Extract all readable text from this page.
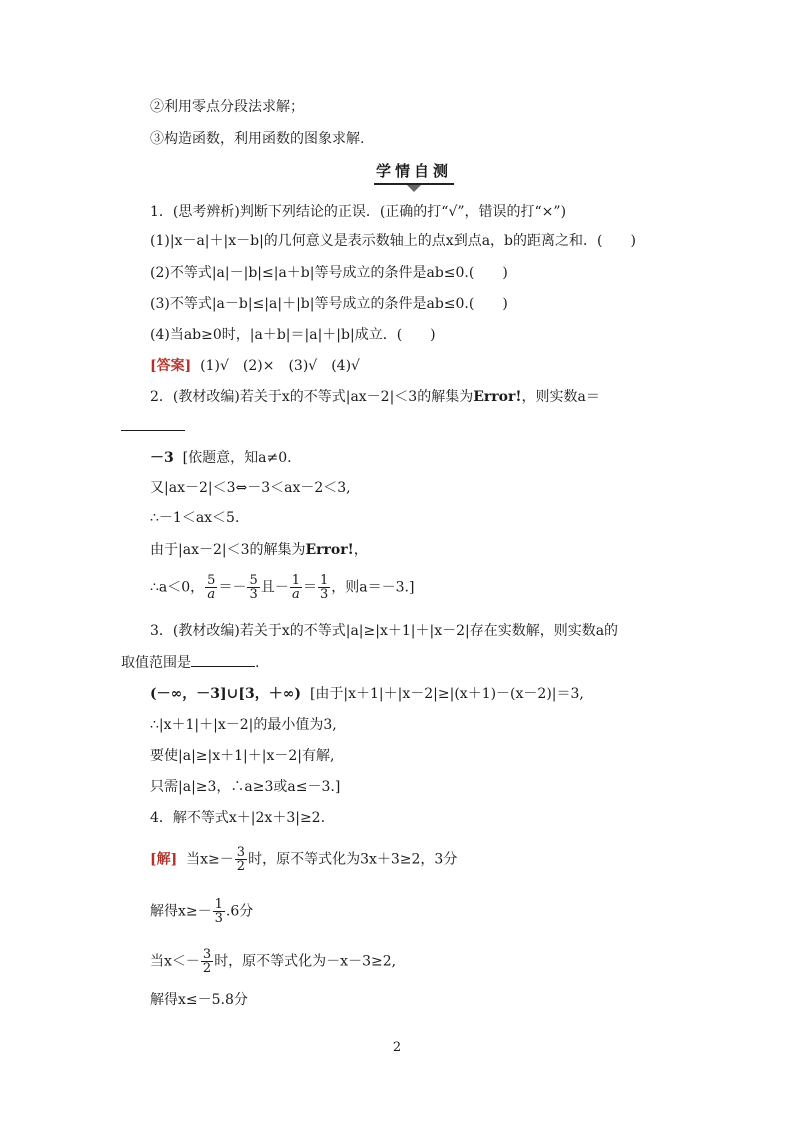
②利用零点分段法求解；
③构造函数，利用函数的图象求解.
学情自测
1．(思考辨析)判断下列结论的正误．(正确的打“√”，错误的打“×”)
(1)|x－a|＋|x－b|的几何意义是表示数轴上的点x到点a，b的距离之和．(　　)
(2)不等式|a|－|b|≤|a＋b|等号成立的条件是ab≤0.(　　)
(3)不等式|a－b|≤|a|＋|b|等号成立的条件是ab≤0.(　　)
(4)当ab≥0时，|a＋b|＝|a|＋|b|成立．(　　)
[答案] (1)√　(2)×　(3)√　(4)√
2．(教材改编)若关于x的不等式|ax－2|＜3的解集为Error!，则实数a＝
－3 [依题意，知a≠0.
又|ax－2|＜3⇔－3＜ax－2＜3,
∴－1＜ax＜5.
由于|ax－2|＜3的解集为Error!，
∴a＜0， $\frac{5}{a} =- \frac{5}{3}$ 且－ $\frac{1}{a} = \frac{1}{3}$ ，则a＝－3.]
3．(教材改编)若关于x的不等式|a|≥|x＋1|＋|x－2|存在实数解，则实数a的
取值范围是	.
(－∞，－3]∪[3，＋∞) [由于|x＋1|＋|x－2|≥|(x＋1)－(x－2)|＝3,
∴|x＋1|＋|x－2|的最小值为3,
要使|a|≥|x＋1|＋|x－2|有解,
只需|a|≥3，∴a≥3或a≤－3.]
4．解不等式x＋|2x＋3|≥2.
[解] 当$x\ge- \frac{3}{2}$ 时，原不等式化为3x＋3≥2，3分
解得$x\ge- \frac{1}{3} .6$分
当$x<- \frac{3}{2}$ 时，原不等式化为－x－3≥2,
解得x≤－5.8分
2
